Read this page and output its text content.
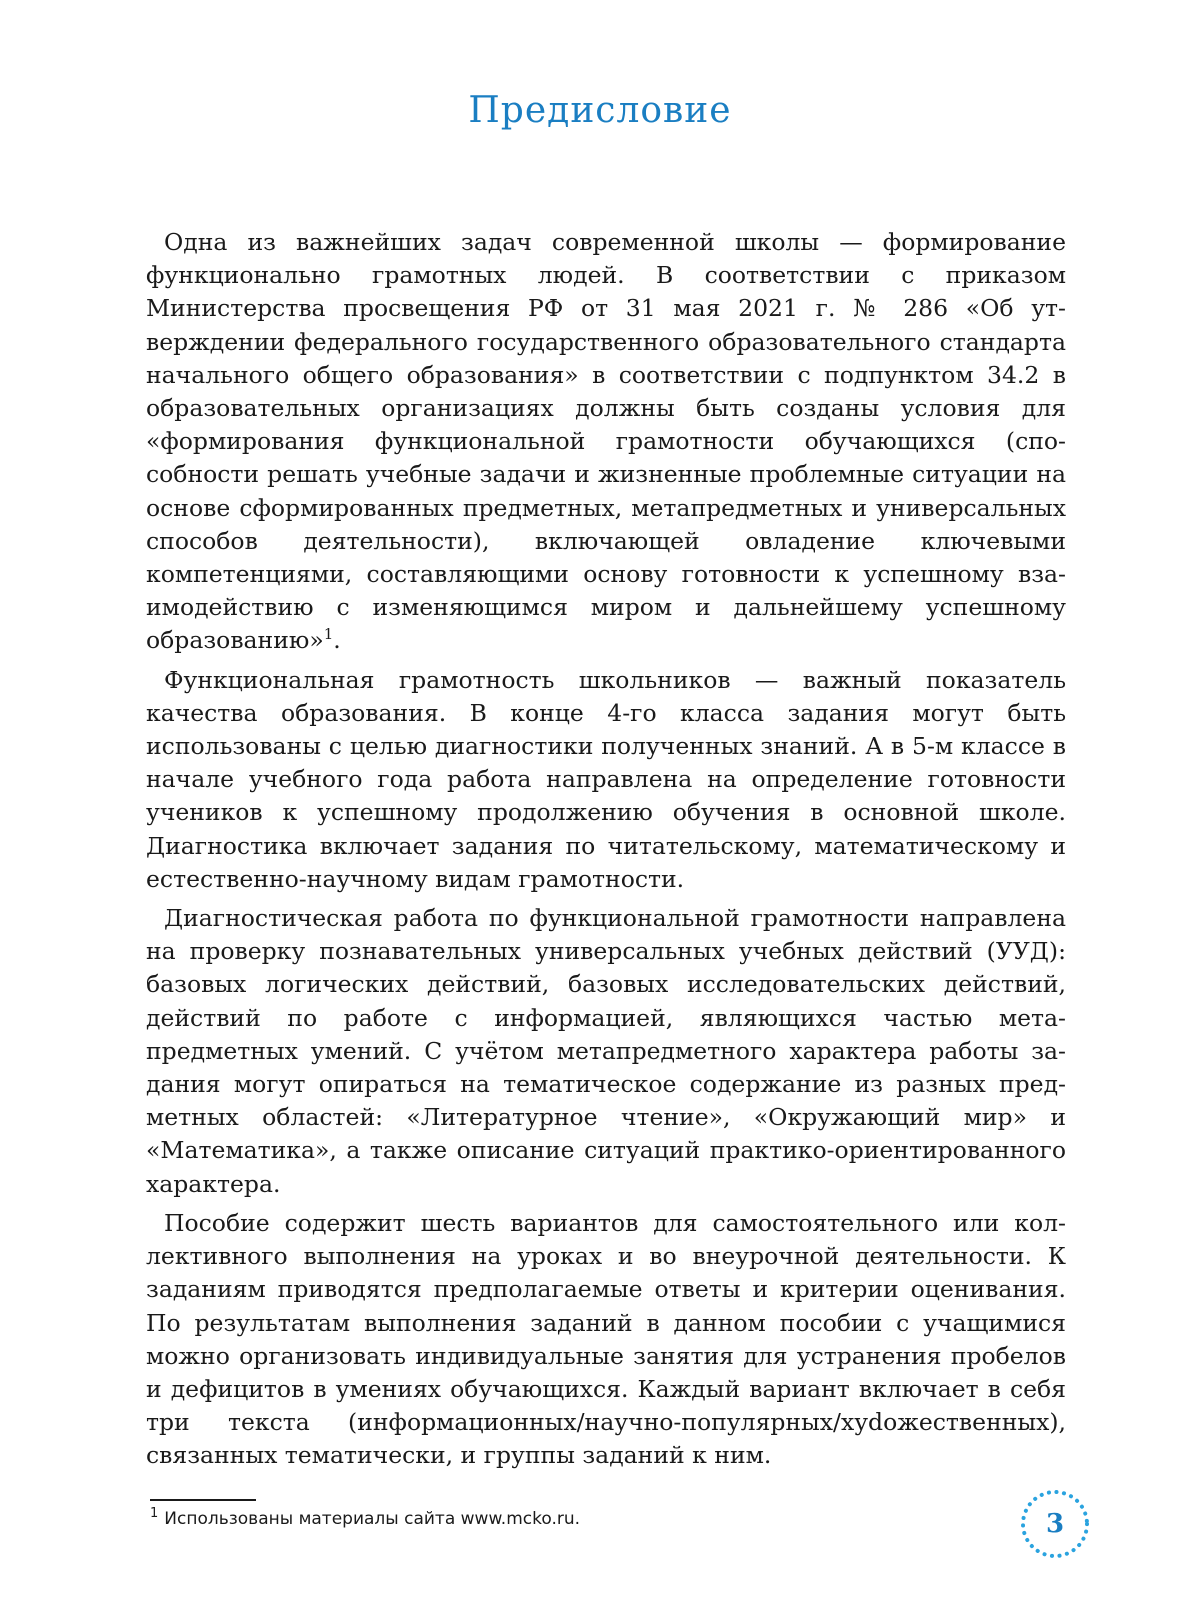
Предисловие

Одна из важнейших задач современной школы — формирование функционально грамотных людей. В соответствии с приказом Министерства просвещения РФ от 31 мая 2021 г. № 286 «Об утверждении федерального государственного образовательного стандарта начального общего образования» в соответствии с подпунктом 34.2 в образовательных организациях должны быть созданы условия для «формирования функциональной грамотности обучающихся (способности решать учебные задачи и жизненные проблемные ситуации на основе сформированных предметных, метапредметных и универсальных способов деятельности), включающей овладение ключевыми компетенциями, составляющими основу готовности к успешному взаимодействию с изменяющимся миром и дальнейшему успешному образованию»$^1$.

Функциональная грамотность школьников — важный показатель качества образования. В конце 4-го класса задания могут быть использованы с целью диагностики полученных знаний. А в 5-м классе в начале учебного года работа направлена на определение готовности учеников к успешному продолжению обучения в основной школе. Диагностика включает задания по читательскому, математическому и естественно-научному видам грамотности.

Диагностическая работа по функциональной грамотности направлена на проверку познавательных универсальных учебных действий (УУД): базовых логических действий, базовых исследовательских действий, действий по работе с информацией, являющихся частью метапредметных умений. С учётом метапредметного характера работы задания могут опираться на тематическое содержание из разных предметных областей: «Литературное чтение», «Окружающий мир» и «Математика», а также описание ситуаций практико-ориентированного характера.

Пособие содержит шесть вариантов для самостоятельного или коллективного выполнения на уроках и во внеурочной деятельности. К заданиям приводятся предполагаемые ответы и критерии оценивания. По результатам выполнения заданий в данном пособии с учащимися можно организовать индивидуальные занятия для устранения пробелов и дефицитов в умениях обучающихся. Каждый вариант включает в себя три текста (информационных/научно-популярных/хуdожественных), связанных тематически, и группы заданий к ним.

$^1$ Использованы материалы сайта www.mcko.ru.	3
